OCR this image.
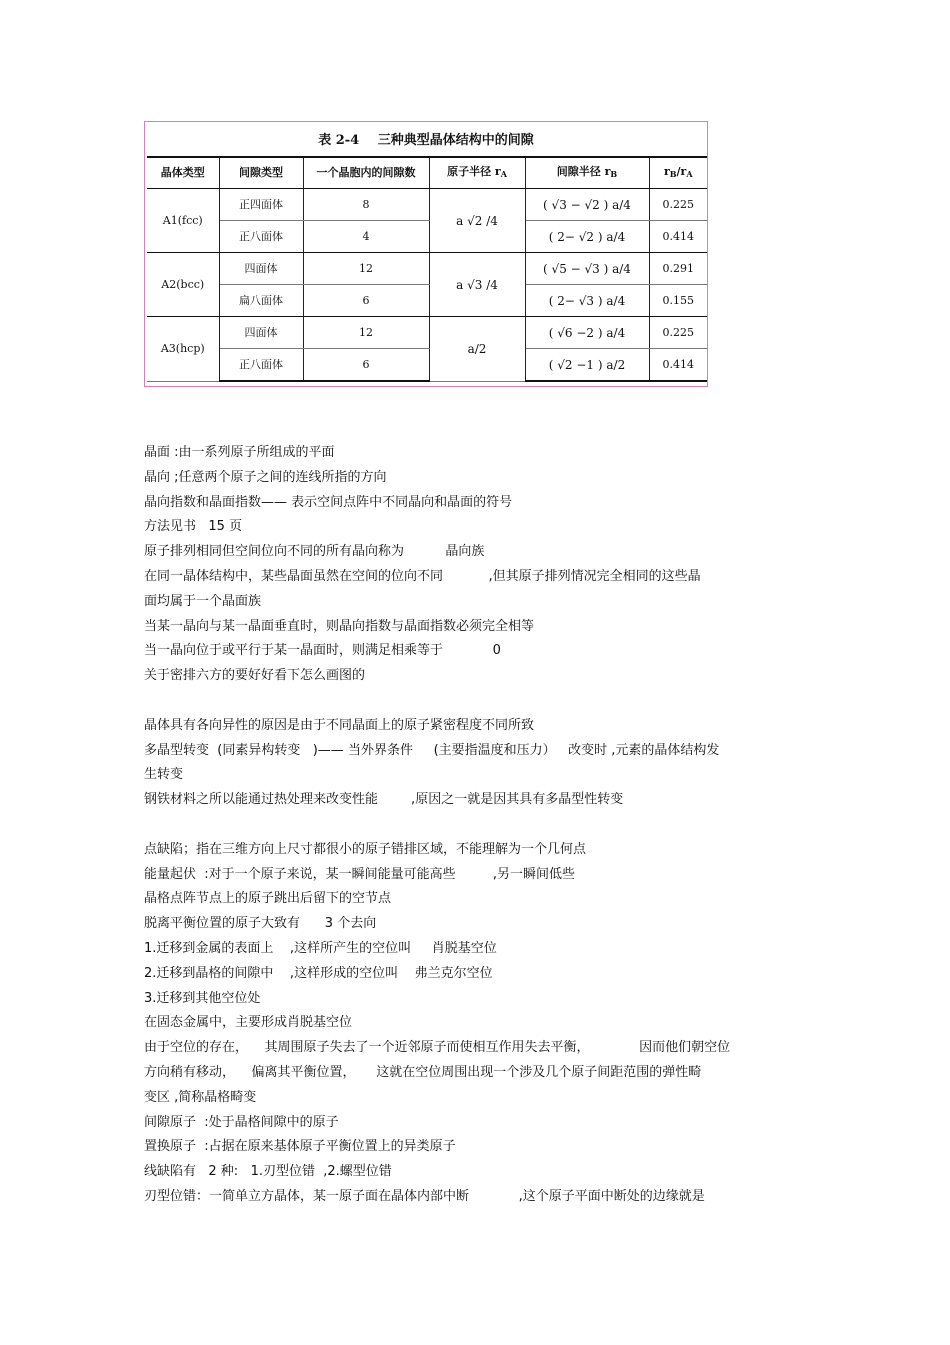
表 2-4 三种典型晶体结构中的间隙
晶体类型	间隙类型	一个晶胞内的间隙数	原子半径 $r_A$	间隙半径 $r_B$	$r_B/r_A$
A1(fcc)	正四面体	8	a √2 /4	( √3 − √2 ) a/4	0.225
	正八面体	4		( 2− √2 ) a/4	0.414
A2(bcc)	四面体	12	a √3 /4	( √5 − √3 ) a/4	0.291
	扁八面体	6		( 2− √3 ) a/4	0.155
A3(hcp)	四面体	12	a/2	( √6 −2 ) a/4	0.225
	正八面体	6		( √2 −1 ) a/2	0.414
晶面 :由一系列原子所组成的平面
晶向 ;任意两个原子之间的连线所指的方向
晶向指数和晶面指数—— 表示空间点阵中不同晶向和晶面的符号
方法见书   15 页
原子排列相同但空间位向不同的所有晶向称为          晶向族
在同一晶体结构中，某些晶面虽然在空间的位向不同           ,但其原子排列情况完全相同的这些晶
面均属于一个晶面族
当某一晶向与某一晶面垂直时，则晶向指数与晶面指数必须完全相等
当一晶向位于或平行于某一晶面时，则满足相乘等于            0
关于密排六方的要好好看下怎么画图的
晶体具有各向异性的原因是由于不同晶面上的原子紧密程度不同所致
多晶型转变  (同素异构转变   )—— 当外界条件     (主要指温度和压力）   改变时 ,元素的晶体结构发
生转变
钢铁材料之所以能通过热处理来改变性能        ,原因之一就是因其具有多晶型性转变
点缺陷；指在三维方向上尺寸都很小的原子错排区域，不能理解为一个几何点
能量起伏  :对于一个原子来说，某一瞬间能量可能高些         ,另一瞬间低些
晶格点阵节点上的原子跳出后留下的空节点
脱离平衡位置的原子大致有      3 个去向
1.迁移到金属的表面上    ,这样所产生的空位叫     肖脱基空位
2.迁移到晶格的间隙中    ,这样形成的空位叫    弗兰克尔空位
3.迁移到其他空位处
在固态金属中，主要形成肖脱基空位
由于空位的存在，    其周围原子失去了一个近邻原子而使相互作用失去平衡，            因而他们朝空位
方向稍有移动，    偏离其平衡位置，     这就在空位周围出现一个涉及几个原子间距范围的弹性畸
变区 ,简称晶格畸变
间隙原子  :处于晶格间隙中的原子
置换原子  :占据在原来基体原子平衡位置上的异类原子
线缺陷有   2 种:   1.刃型位错  ,2.螺型位错
刃型位错：一简单立方晶体，某一原子面在晶体内部中断            ,这个原子平面中断处的边缘就是
